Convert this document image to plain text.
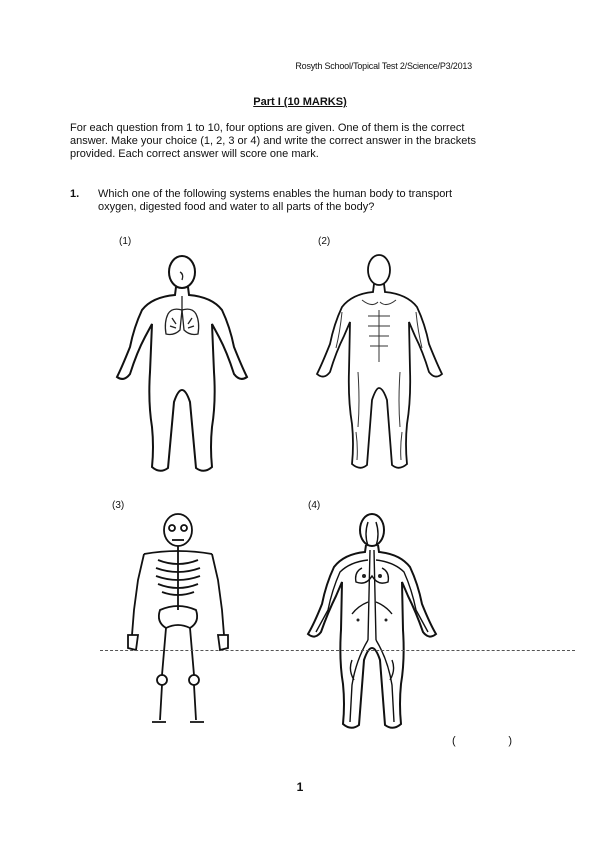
Rosyth School/Topical Test 2/Science/P3/2013
Part I (10 MARKS)
For each question from 1 to 10, four options are given. One of them is the correct answer. Make your choice (1, 2, 3 or 4) and write the correct answer in the brackets provided. Each correct answer will score one mark.
1. Which one of the following systems enables the human body to transport oxygen, digested food and water to all parts of the body?
(1)	(2)
(3)	(4)
(	)
1
